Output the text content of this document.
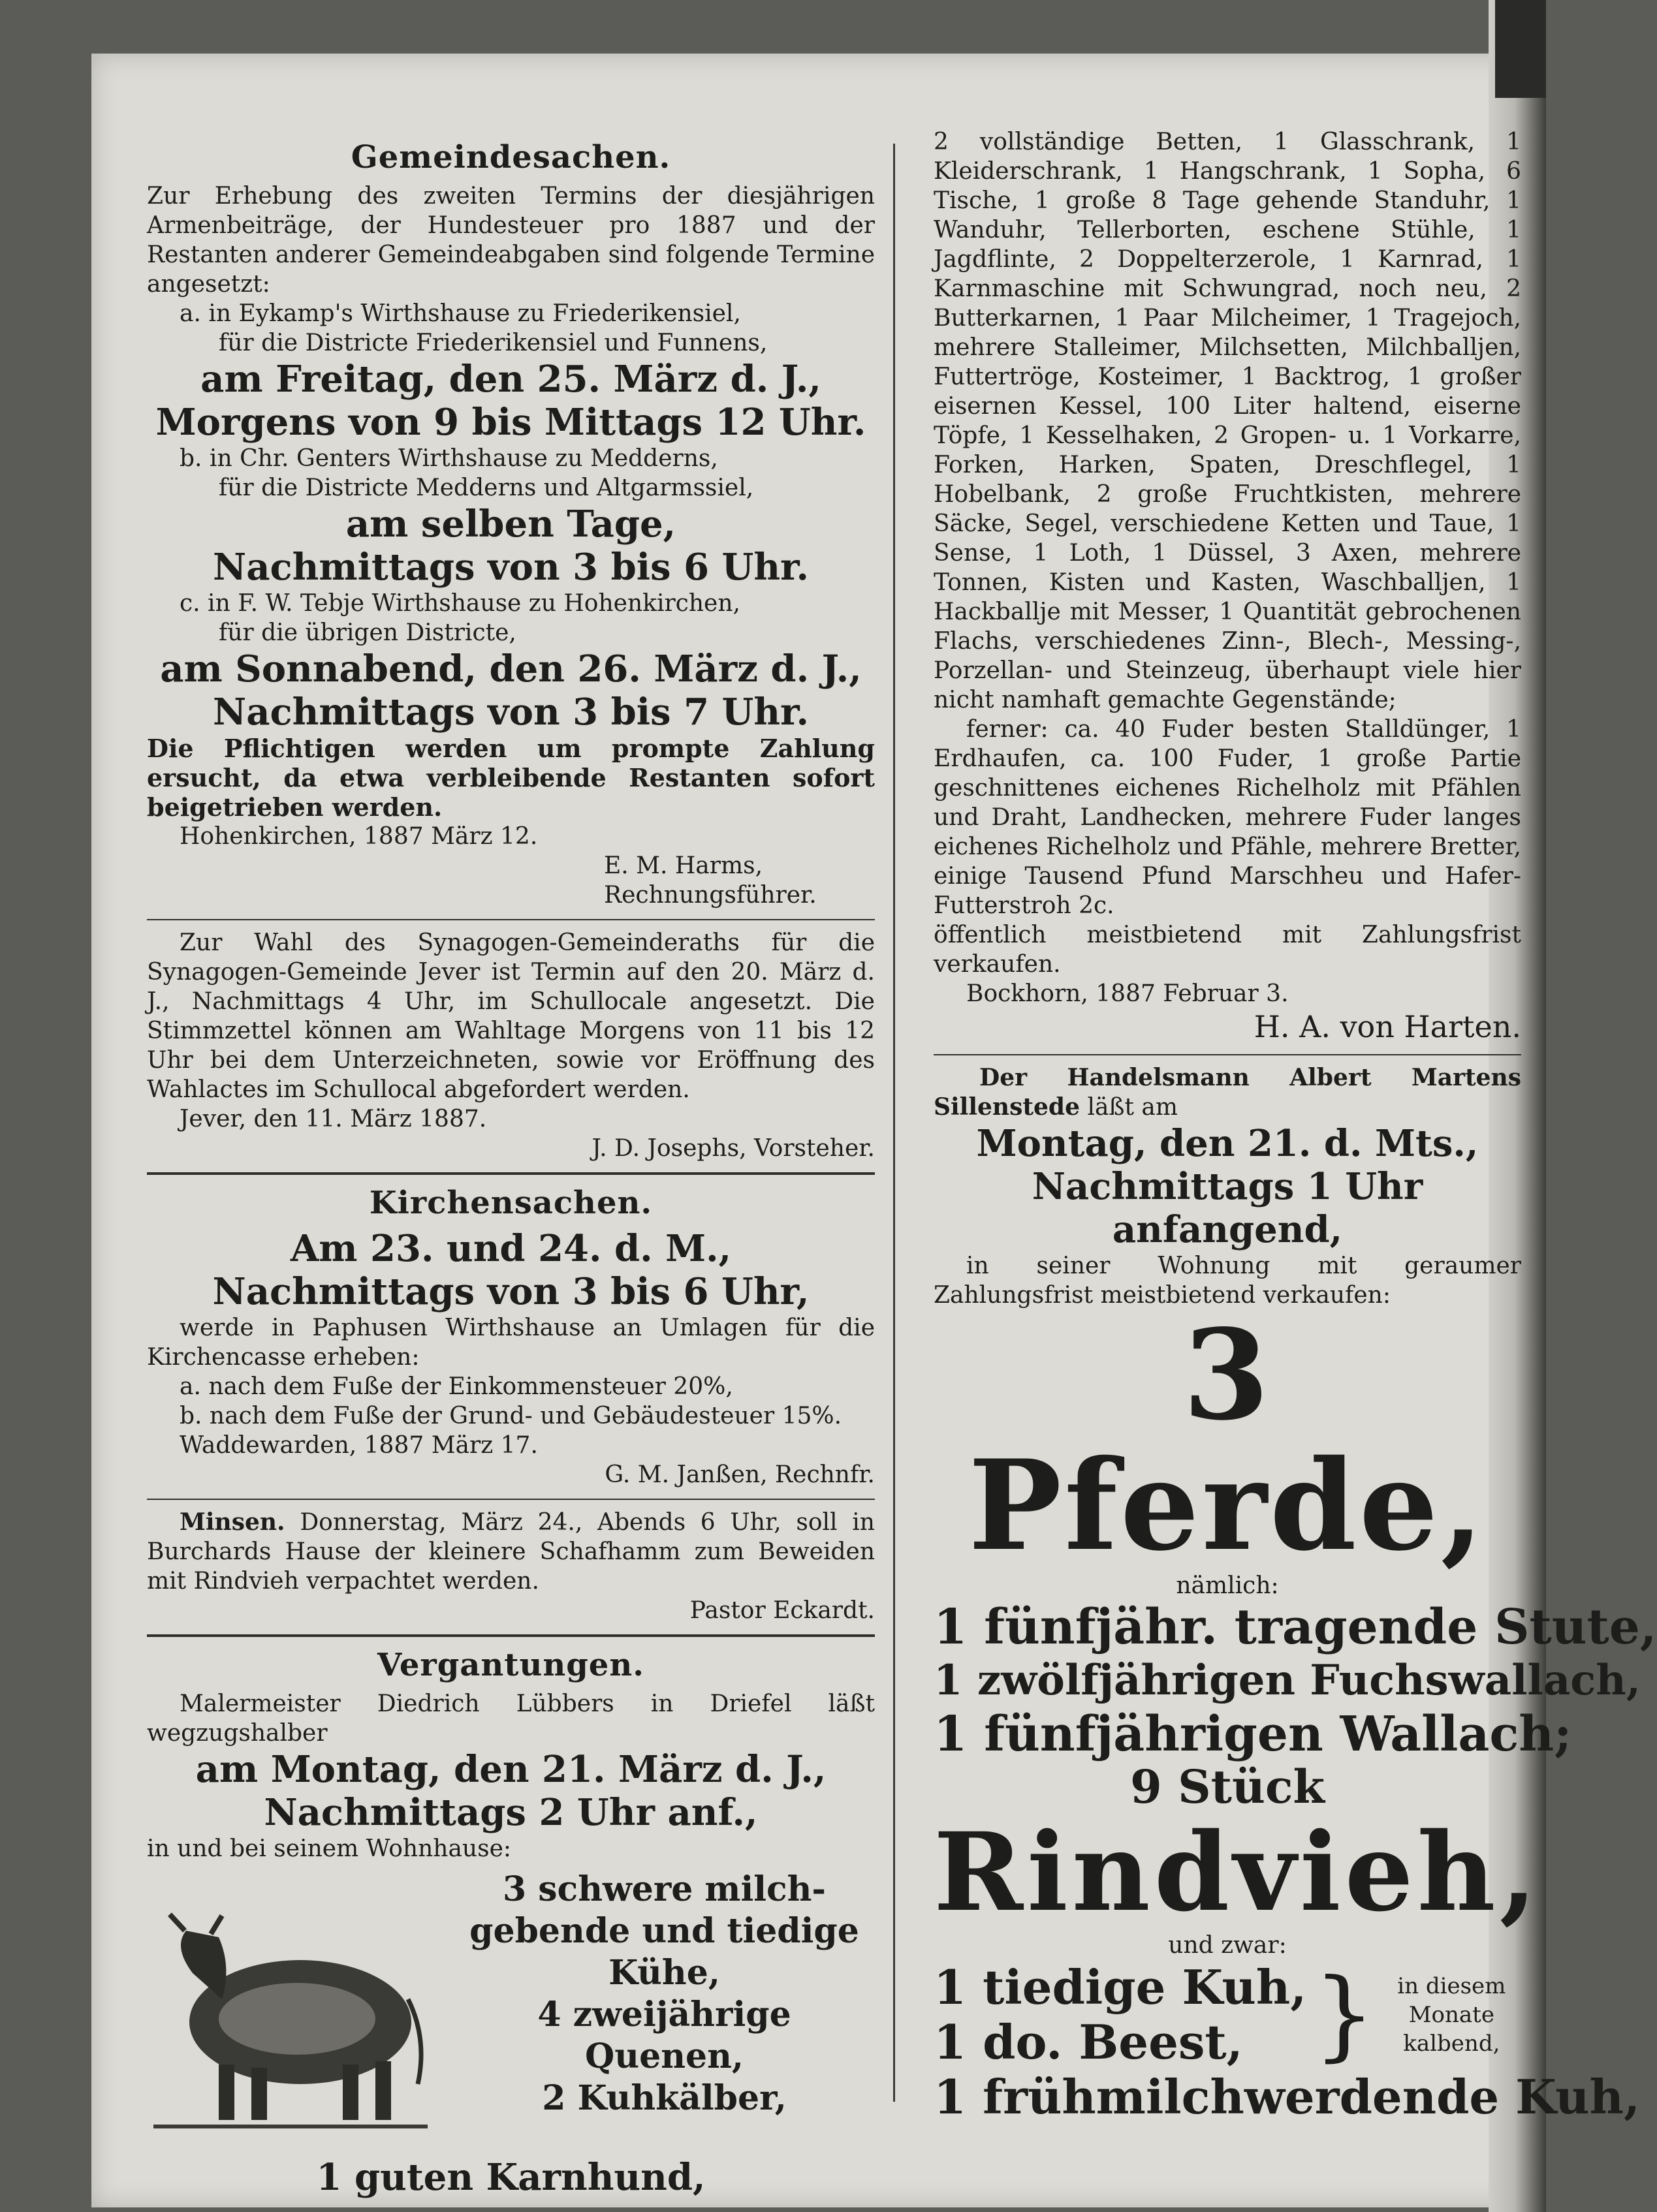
Gemeindesachen.

Zur Erhebung des zweiten Termins der diesjährigen Armenbeiträge, der Hundesteuer pro 1887 und der Restanten anderer Gemeindeabgaben sind folgende Termine angesetzt:

a. in Eykamp's Wirthshause zu Friederikensiel,

für die Districte Friederikensiel und Funnens,

am Freitag, den 25. März d. J.,
Morgens von 9 bis Mittags 12 Uhr.

b. in Chr. Genters Wirthshause zu Medderns,

für die Districte Medderns und Altgarmssiel,

am selben Tage,
Nachmittags von 3 bis 6 Uhr.

c. in F. W. Tebje Wirthshause zu Hohenkirchen,

für die übrigen Districte,

am Sonnabend, den 26. März d. J.,
Nachmittags von 3 bis 7 Uhr.

Die Pflichtigen werden um prompte Zahlung ersucht, da etwa verbleibende Restanten sofort beigetrieben werden.

Hohenkirchen, 1887 März 12.

E. M. Harms,

Rechnungsführer.

Zur Wahl des Synagogen-Gemeinderaths für die Synagogen-Gemeinde Jever ist Termin auf den 20. März d. J., Nachmittags 4 Uhr, im Schullocale angesetzt. Die Stimmzettel können am Wahltage Morgens von 11 bis 12 Uhr bei dem Unterzeichneten, sowie vor Eröffnung des Wahlactes im Schullocal abgefordert werden.

Jever, den 11. März 1887.

J. D. Josephs, Vorsteher.

Kirchensachen.
Am 23. und 24. d. M.,
Nachmittags von 3 bis 6 Uhr,

werde in Paphusen Wirthshause an Umlagen für die Kirchencasse erheben:

a. nach dem Fuße der Einkommensteuer 20%,

b. nach dem Fuße der Grund- und Gebäudesteuer 15%.

Waddewarden, 1887 März 17.

G. M. Janßen, Rechnfr.

Minsen. Donnerstag, März 24., Abends 6 Uhr, soll in Burchards Hause der kleinere Schafhamm zum Beweiden mit Rindvieh verpachtet werden.

Pastor Eckardt.

Vergantungen.

Malermeister Diedrich Lübbers in Driefel läßt wegzugshalber

am Montag, den 21. März d. J.,
Nachmittags 2 Uhr anf.,

in und bei seinem Wohnhause:

3 schwere milch-
gebende und tiedige
Kühe,
4 zweijährige
Quenen,
2 Kuhkälber,
1 guten Karnhund,

2 vollständige Betten, 1 Glasschrank, 1 Kleiderschrank, 1 Hangschrank, 1 Sopha, 6 Tische, 1 große 8 Tage gehende Standuhr, 1 Wanduhr, Tellerborten, eschene Stühle, 1 Jagdflinte, 2 Doppelterzerole, 1 Karnrad, 1 Karnmaschine mit Schwungrad, noch neu, 2 Butterkarnen, 1 Paar Milcheimer, 1 Tragejoch, mehrere Stalleimer, Milchsetten, Milchballjen, Futtertröge, Kosteimer, 1 Backtrog, 1 großer eisernen Kessel, 100 Liter haltend, eiserne Töpfe, 1 Kesselhaken, 2 Gropen- u. 1 Vorkarre, Forken, Harken, Spaten, Dreschflegel, 1 Hobelbank, 2 große Fruchtkisten, mehrere Säcke, Segel, verschiedene Ketten und Taue, 1 Sense, 1 Loth, 1 Düssel, 3 Axen, mehrere Tonnen, Kisten und Kasten, Waschballjen, 1 Hackballje mit Messer, 1 Quantität gebrochenen Flachs, verschiedenes Zinn-, Blech-, Messing-, Porzellan- und Steinzeug, überhaupt viele hier nicht namhaft gemachte Gegenstände;

ferner: ca. 40 Fuder besten Stalldünger, 1 Erdhaufen, ca. 100 Fuder, 1 große Partie geschnittenes eichenes Richelholz mit Pfählen und Draht, Landhecken, mehrere Fuder langes eichenes Richelholz und Pfähle, mehrere Bretter, einige Tausend Pfund Marschheu und Hafer-Futterstroh 2c.

öffentlich meistbietend mit Zahlungsfrist verkaufen.

Bockhorn, 1887 Februar 3.

H. A. von Harten.

Der Handelsmann Albert Martens Sillenstede läßt am

Montag, den 21. d. Mts.,
Nachmittags 1 Uhr anfangend,

in seiner Wohnung mit geraumer Zahlungsfrist meistbietend verkaufen:

3 Pferde,

nämlich:

1 fünfjähr. tragende Stute,
1 zwölfjährigen Fuchswallach,
1 fünfjährigen Wallach;
9 Stück
Rindvieh,

und zwar:

1 tiedige Kuh,
1 do. Beest, } in diesem Monate kalbend,
1 frühmilchwerdende Kuh,
